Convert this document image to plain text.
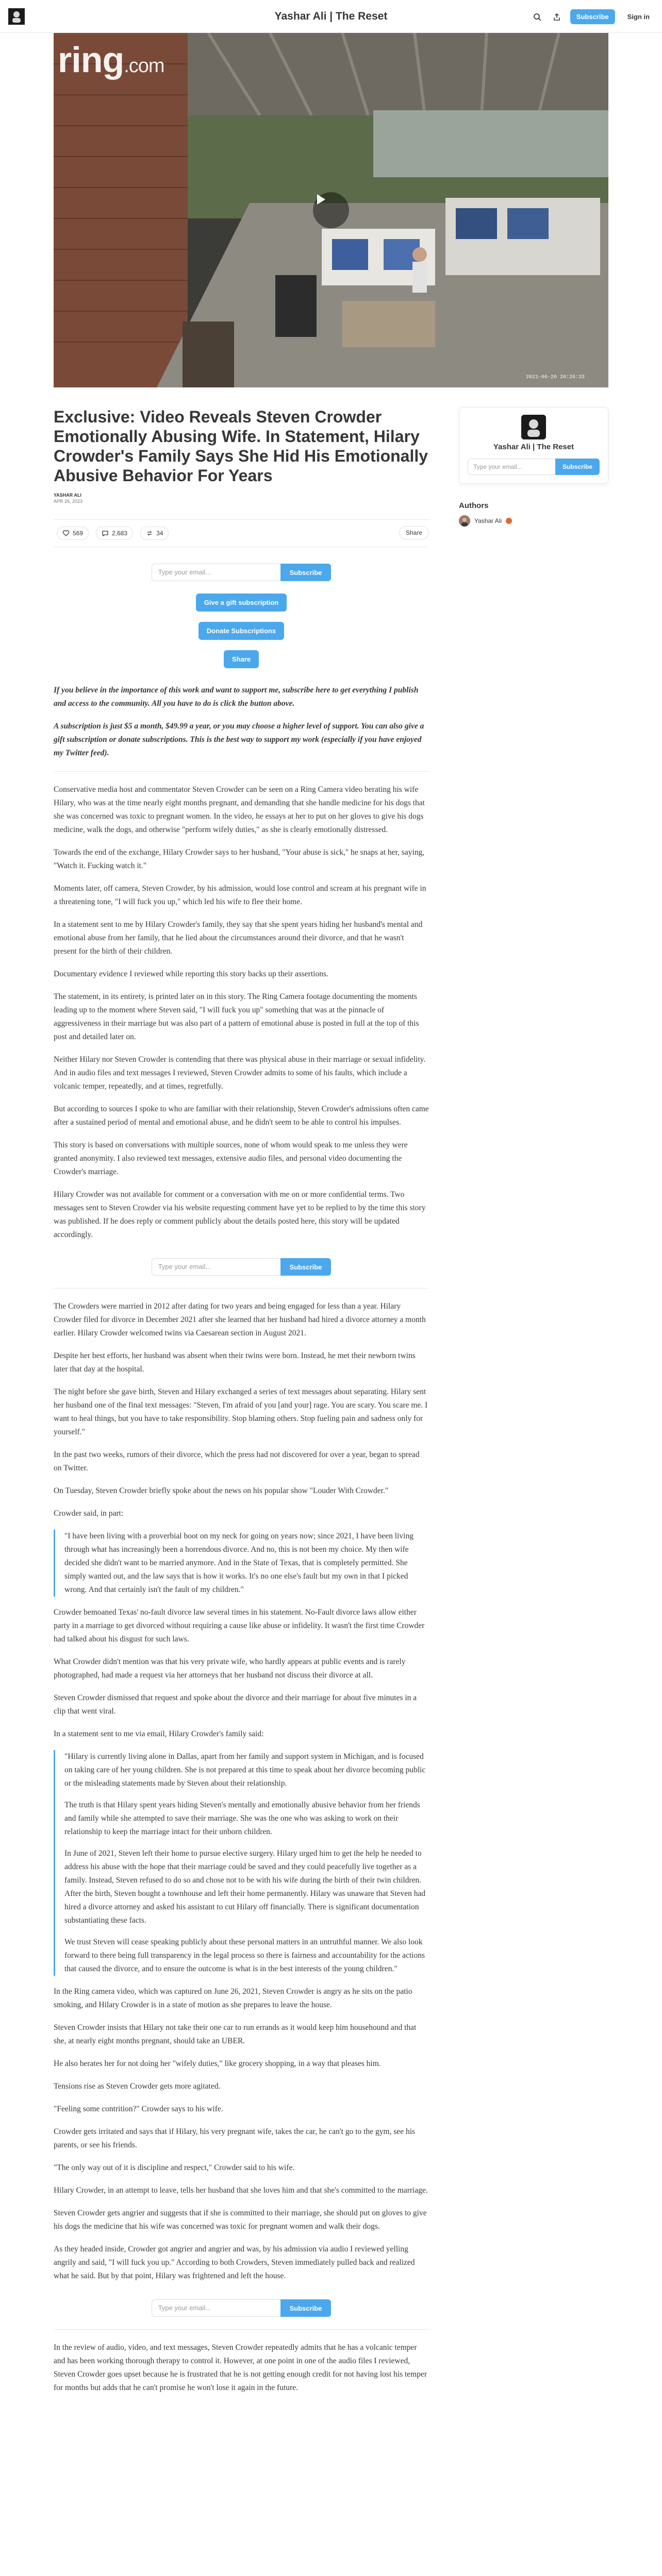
Yashar Ali | The Reset	Subscribe	Sign in
ring.com
2021-06-26 20:26:33
Exclusive: Video Reveals Steven Crowder Emotionally Abusing Wife. In Statement, Hilary Crowder's Family Says She Hid His Emotionally Abusive Behavior For Years
YASHAR ALI
APR 26, 2023
569	2,683	34	Share
Type your email...	Subscribe
Give a gift subscription
Donate Subscriptions
Share

If you believe in the importance of this work and want to support me, subscribe here to get everything I publish and access to the community. All you have to do is click the button above.

A subscription is just $5 a month, $49.99 a year, or you may choose a higher level of support. You can also give a gift subscription or donate subscriptions. This is the best way to support my work (especially if you have enjoyed my Twitter feed).

Conservative media host and commentator Steven Crowder can be seen on a Ring Camera video berating his wife Hilary, who was at the time nearly eight months pregnant, and demanding that she handle medicine for his dogs that she was concerned was toxic to pregnant women. In the video, he essays at her to put on her gloves to give his dogs medicine, walk the dogs, and otherwise "perform wifely duties," as she is clearly emotionally distressed.

Towards the end of the exchange, Hilary Crowder says to her husband, "Your abuse is sick," he snaps at her, saying, "Watch it. Fucking watch it."

Moments later, off camera, Steven Crowder, by his admission, would lose control and scream at his pregnant wife in a threatening tone, "I will fuck you up," which led his wife to flee their home.

In a statement sent to me by Hilary Crowder's family, they say that she spent years hiding her husband's mental and emotional abuse from her family, that he lied about the circumstances around their divorce, and that he wasn't present for the birth of their children.

Documentary evidence I reviewed while reporting this story backs up their assertions.

The statement, in its entirety, is printed later on in this story. The Ring Camera footage documenting the moments leading up to the moment where Steven said, "I will fuck you up" something that was at the pinnacle of aggressiveness in their marriage but was also part of a pattern of emotional abuse is posted in full at the top of this post and detailed later on.

Neither Hilary nor Steven Crowder is contending that there was physical abuse in their marriage or sexual infidelity. And in audio files and text messages I reviewed, Steven Crowder admits to some of his faults, which include a volcanic temper, repeatedly, and at times, regretfully.

But according to sources I spoke to who are familiar with their relationship, Steven Crowder's admissions often came after a sustained period of mental and emotional abuse, and he didn't seem to be able to control his impulses.

This story is based on conversations with multiple sources, none of whom would speak to me unless they were granted anonymity. I also reviewed text messages, extensive audio files, and personal video documenting the Crowder's marriage.

Hilary Crowder was not available for comment or a conversation with me on or more confidential terms. Two messages sent to Steven Crowder via his website requesting comment have yet to be replied to by the time this story was published. If he does reply or comment publicly about the details posted here, this story will be updated accordingly.

Type your email...	Subscribe

The Crowders were married in 2012 after dating for two years and being engaged for less than a year. Hilary Crowder filed for divorce in December 2021 after she learned that her husband had hired a divorce attorney a month earlier. Hilary Crowder welcomed twins via Caesarean section in August 2021.

Despite her best efforts, her husband was absent when their twins were born. Instead, he met their newborn twins later that day at the hospital.

The night before she gave birth, Steven and Hilary exchanged a series of text messages about separating. Hilary sent her husband one of the final text messages: "Steven, I'm afraid of you [and your] rage. You are scary. You scare me. I want to heal things, but you have to take responsibility. Stop blaming others. Stop fueling pain and sadness only for yourself."

In the past two weeks, rumors of their divorce, which the press had not discovered for over a year, began to spread on Twitter.

On Tuesday, Steven Crowder briefly spoke about the news on his popular show "Louder With Crowder."

Crowder said, in part:

"I have been living with a proverbial boot on my neck for going on years now; since 2021, I have been living through what has increasingly been a horrendous divorce. And no, this is not been my choice. My then wife decided she didn't want to be married anymore. And in the State of Texas, that is completely permitted. She simply wanted out, and the law says that is how it works. It's no one else's fault but my own in that I picked wrong. And that certainly isn't the fault of my children."

Crowder bemoaned Texas' no-fault divorce law several times in his statement. No-Fault divorce laws allow either party in a marriage to get divorced without requiring a cause like abuse or infidelity. It wasn't the first time Crowder had talked about his disgust for such laws.

What Crowder didn't mention was that his very private wife, who hardly appears at public events and is rarely photographed, had made a request via her attorneys that her husband not discuss their divorce at all.

Steven Crowder dismissed that request and spoke about the divorce and their marriage for about five minutes in a clip that went viral.

In a statement sent to me via email, Hilary Crowder's family said:

"Hilary is currently living alone in Dallas, apart from her family and support system in Michigan, and is focused on taking care of her young children. She is not prepared at this time to speak about her divorce becoming public or the misleading statements made by Steven about their relationship.

The truth is that Hilary spent years hiding Steven's mentally and emotionally abusive behavior from her friends and family while she attempted to save their marriage. She was the one who was asking to work on their relationship to keep the marriage intact for their unborn children.

In June of 2021, Steven left their home to pursue elective surgery. Hilary urged him to get the help he needed to address his abuse with the hope that their marriage could be saved and they could peacefully live together as a family. Instead, Steven refused to do so and chose not to be with his wife during the birth of their twin children. After the birth, Steven bought a townhouse and left their home permanently. Hilary was unaware that Steven had hired a divorce attorney and asked his assistant to cut Hilary off financially. There is significant documentation substantiating these facts.

We trust Steven will cease speaking publicly about these personal matters in an untruthful manner. We also look forward to there being full transparency in the legal process so there is fairness and accountability for the actions that caused the divorce, and to ensure the outcome is what is in the best interests of the young children."

In the Ring camera video, which was captured on June 26, 2021, Steven Crowder is angry as he sits on the patio smoking, and Hilary Crowder is in a state of motion as she prepares to leave the house.

Steven Crowder insists that Hilary not take their one car to run errands as it would keep him househound and that she, at nearly eight months pregnant, should take an UBER.

He also berates her for not doing her "wifely duties," like grocery shopping, in a way that pleases him.

Tensions rise as Steven Crowder gets more agitated.

"Feeling some contrition?" Crowder says to his wife.

Crowder gets irritated and says that if Hilary, his very pregnant wife, takes the car, he can't go to the gym, see his parents, or see his friends.

"The only way out of it is discipline and respect," Crowder said to his wife.

Hilary Crowder, in an attempt to leave, tells her husband that she loves him and that she's committed to the marriage.

Steven Crowder gets angrier and suggests that if she is committed to their marriage, she should put on gloves to give his dogs the medicine that his wife was concerned was toxic for pregnant women and walk their dogs.

As they headed inside, Crowder got angrier and angrier and was, by his admission via audio I reviewed yelling angrily and said, "I will fuck you up." According to both Crowders, Steven immediately pulled back and realized what he said. But by that point, Hilary was frightened and left the house.

Type your email...	Subscribe

In the review of audio, video, and text messages, Steven Crowder repeatedly admits that he has a volcanic temper and has been working thorough therapy to control it. However, at one point in one of the audio files I reviewed, Steven Crowder goes upset because he is frustrated that he is not getting enough credit for not having lost his temper for months but adds that he can't promise he won't lose it again in the future.

Yashar Ali | The Reset
Type your email...	Subscribe
Authors
Yashar Ali
